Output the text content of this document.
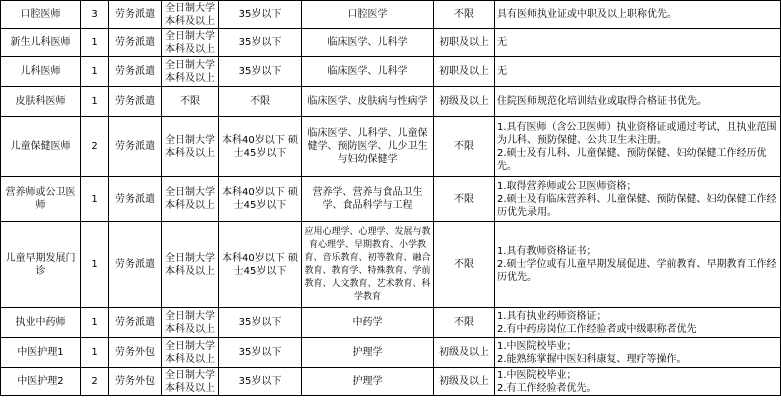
口腔医师	3	劳务派遣	全日制大学本科及以上	35岁以下	口腔医学	不限	具有医师执业证或中职及以上职称优先。

新生儿科医师	1	劳务派遣	全日制大学本科及以上	35岁以下	临床医学、儿科学	初职及以上	无

儿科医师	1	劳务派遣	全日制大学本科及以上	35岁以下	临床医学、儿科学	初职及以上	无

皮肤科医师	1	劳务派遣	不限	不限	临床医学、皮肤病与性病学	初级及以上	住院医师规范化培训结业或取得合格证书优先。

儿童保健医师	2	劳务派遣	全日制大学本科及以上	本科40岁以下 硕士45岁以下	临床医学、儿科学、儿童保健学、预防医学、儿少卫生与妇幼保健学	不限	1.具有医师（含公卫医师）执业资格证或通过考试，且执业范围为儿科、预防保健、公共卫生未注册。
2.硕士及有儿科、儿童保健、预防保健、妇幼保健工作经历优先。

营养师或公卫医师	1	劳务派遣	全日制大学本科及以上	本科40岁以下 硕士45岁以下	营养学、营养与食品卫生学、食品科学与工程	不限	1.取得营养师或公卫医师资格；
2.硕士及有临床营养科、儿童保健、预防保健、妇幼保健工作经历优先录用。

儿童早期发展门诊	1	劳务派遣	全日制大学本科及以上	本科40岁以下 硕士45岁以下	应用心理学、心理学、发展与教育心理学、早期教育、小学教育、音乐教育、初等教育、融合教育、教育学、特殊教育、学前教育、人文教育、艺术教育、科学教育	不限	1.具有教师资格证书；
2.硕士学位或有儿童早期发展促进、学前教育、早期教育工作经历优先。

执业中药师	1	劳务派遣	全日制大学本科及以上	35岁以下	中药学	不限	1.具有执业药师资格证；
2.有中药房岗位工作经验者或中级职称者优先

中医护理1	1	劳务外包	全日制大学本科及以上	35岁以下	护理学	初级及以上	1.中医院校毕业；
2.能熟练掌握中医妇科康复、理疗等操作。

中医护理2	2	劳务外包	全日制大学本科及以上	35岁以下	护理学	初级及以上	1.中医院校毕业；
2.有工作经验者优先。
